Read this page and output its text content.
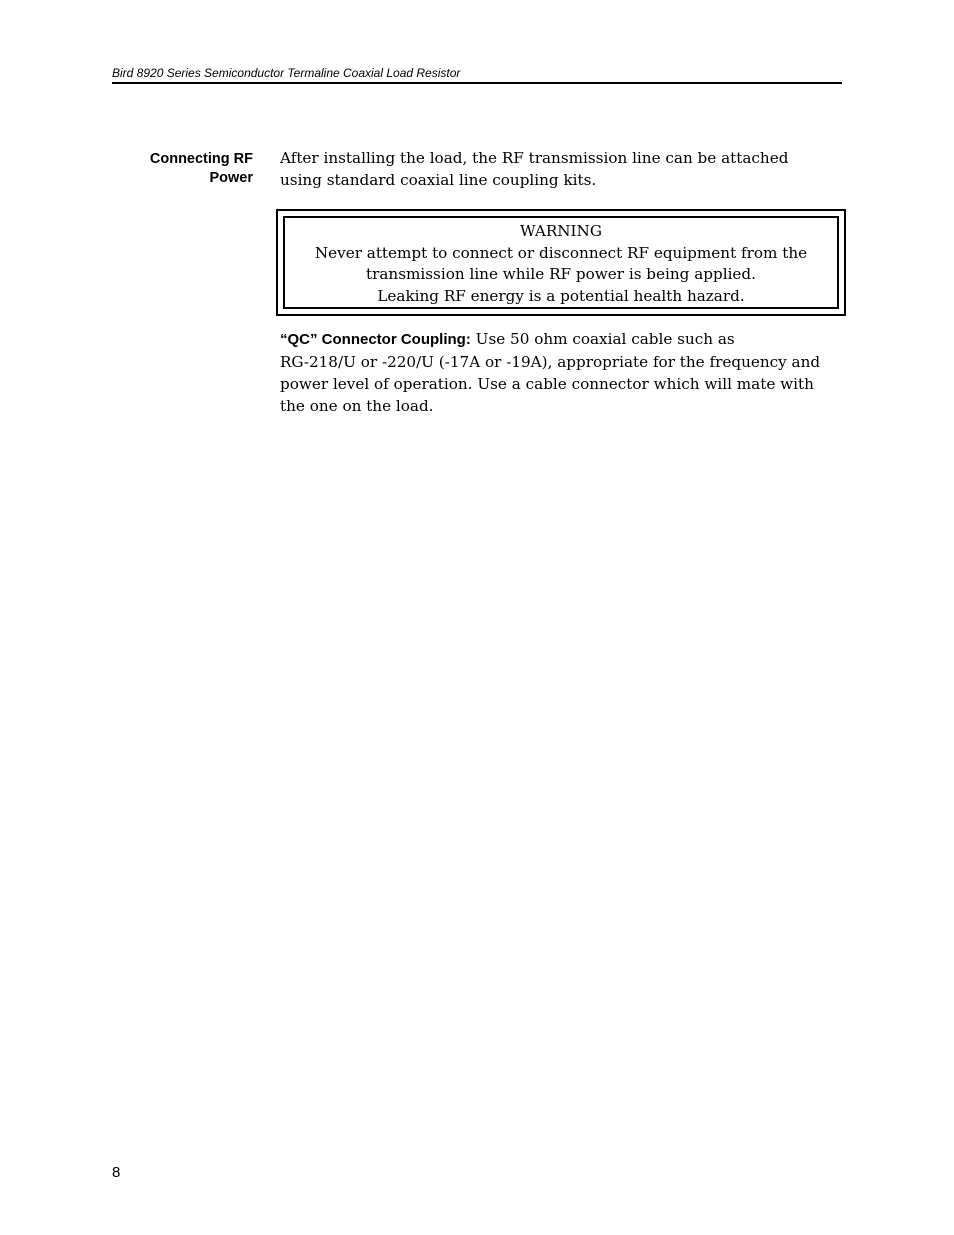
Bird 8920 Series Semiconductor Termaline Coaxial Load Resistor
Connecting RF
Power
After installing the load, the RF transmission line can be attached
using standard coaxial line coupling kits.
WARNING
Never attempt to connect or disconnect RF equipment from the
transmission line while RF power is being applied.
Leaking RF energy is a potential health hazard.
“QC” Connector Coupling: Use 50 ohm coaxial cable such as
RG-218/U or -220/U (-17A or -19A), appropriate for the frequency and
power level of operation. Use a cable connector which will mate with
the one on the load.
8
